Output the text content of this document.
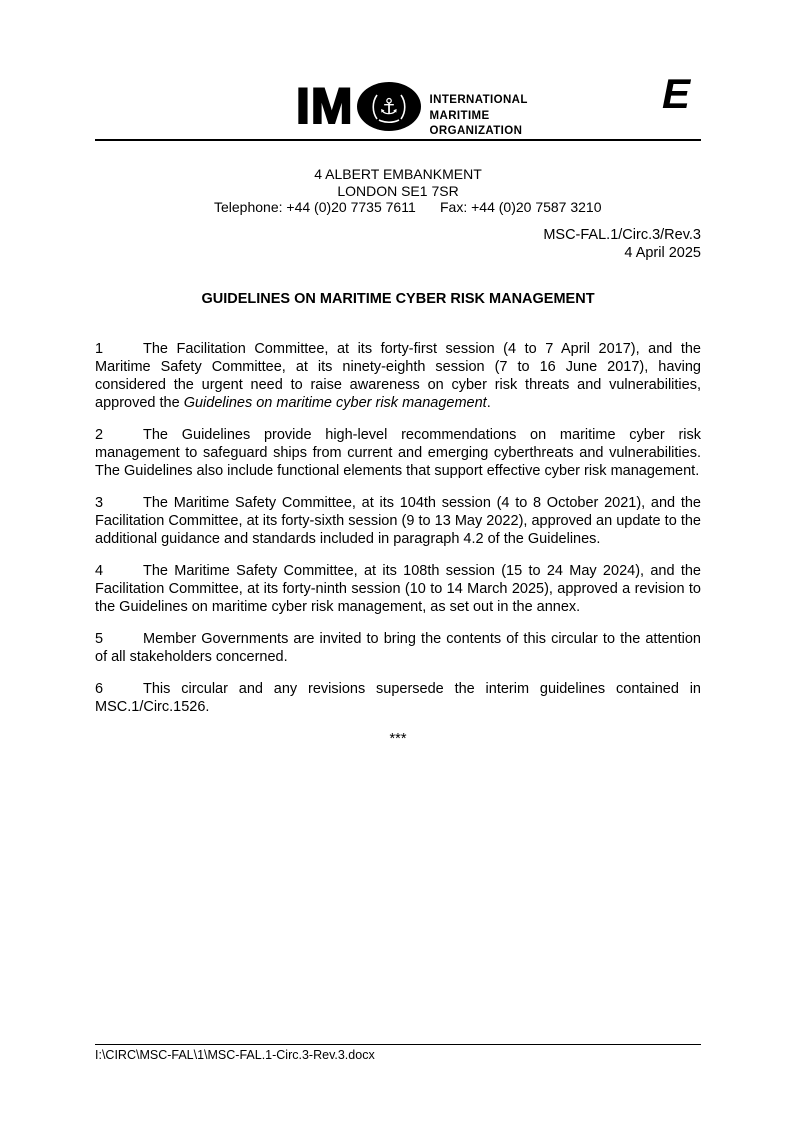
IM ⚓	INTERNATIONAL
MARITIME
ORGANIZATION
E
4 ALBERT EMBANKMENT
LONDON SE1 7SR
Telephone: +44 (0)20 7735 7611 Fax: +44 (0)20 7587 3210
MSC-FAL.1/Circ.3/Rev.3
4 April 2025
GUIDELINES ON MARITIME CYBER RISK MANAGEMENT

1	The Facilitation Committee, at its forty-first session (4 to 7 April 2017), and the Maritime Safety Committee, at its ninety-eighth session (7 to 16 June 2017), having considered the urgent need to raise awareness on cyber risk threats and vulnerabilities, approved the Guidelines on maritime cyber risk management.

2	The Guidelines provide high-level recommendations on maritime cyber risk management to safeguard ships from current and emerging cyberthreats and vulnerabilities. The Guidelines also include functional elements that support effective cyber risk management.

3	The Maritime Safety Committee, at its 104th session (4 to 8 October 2021), and the Facilitation Committee, at its forty-sixth session (9 to 13 May 2022), approved an update to the additional guidance and standards included in paragraph 4.2 of the Guidelines.

4	The Maritime Safety Committee, at its 108th session (15 to 24 May 2024), and the Facilitation Committee, at its forty-ninth session (10 to 14 March 2025), approved a revision to the Guidelines on maritime cyber risk management, as set out in the annex.

5	Member Governments are invited to bring the contents of this circular to the attention of all stakeholders concerned.

6	This circular and any revisions supersede the interim guidelines contained in MSC.1/Circ.1526.

***
I:\CIRC\MSC-FAL\1\MSC-FAL.1-Circ.3-Rev.3.docx
